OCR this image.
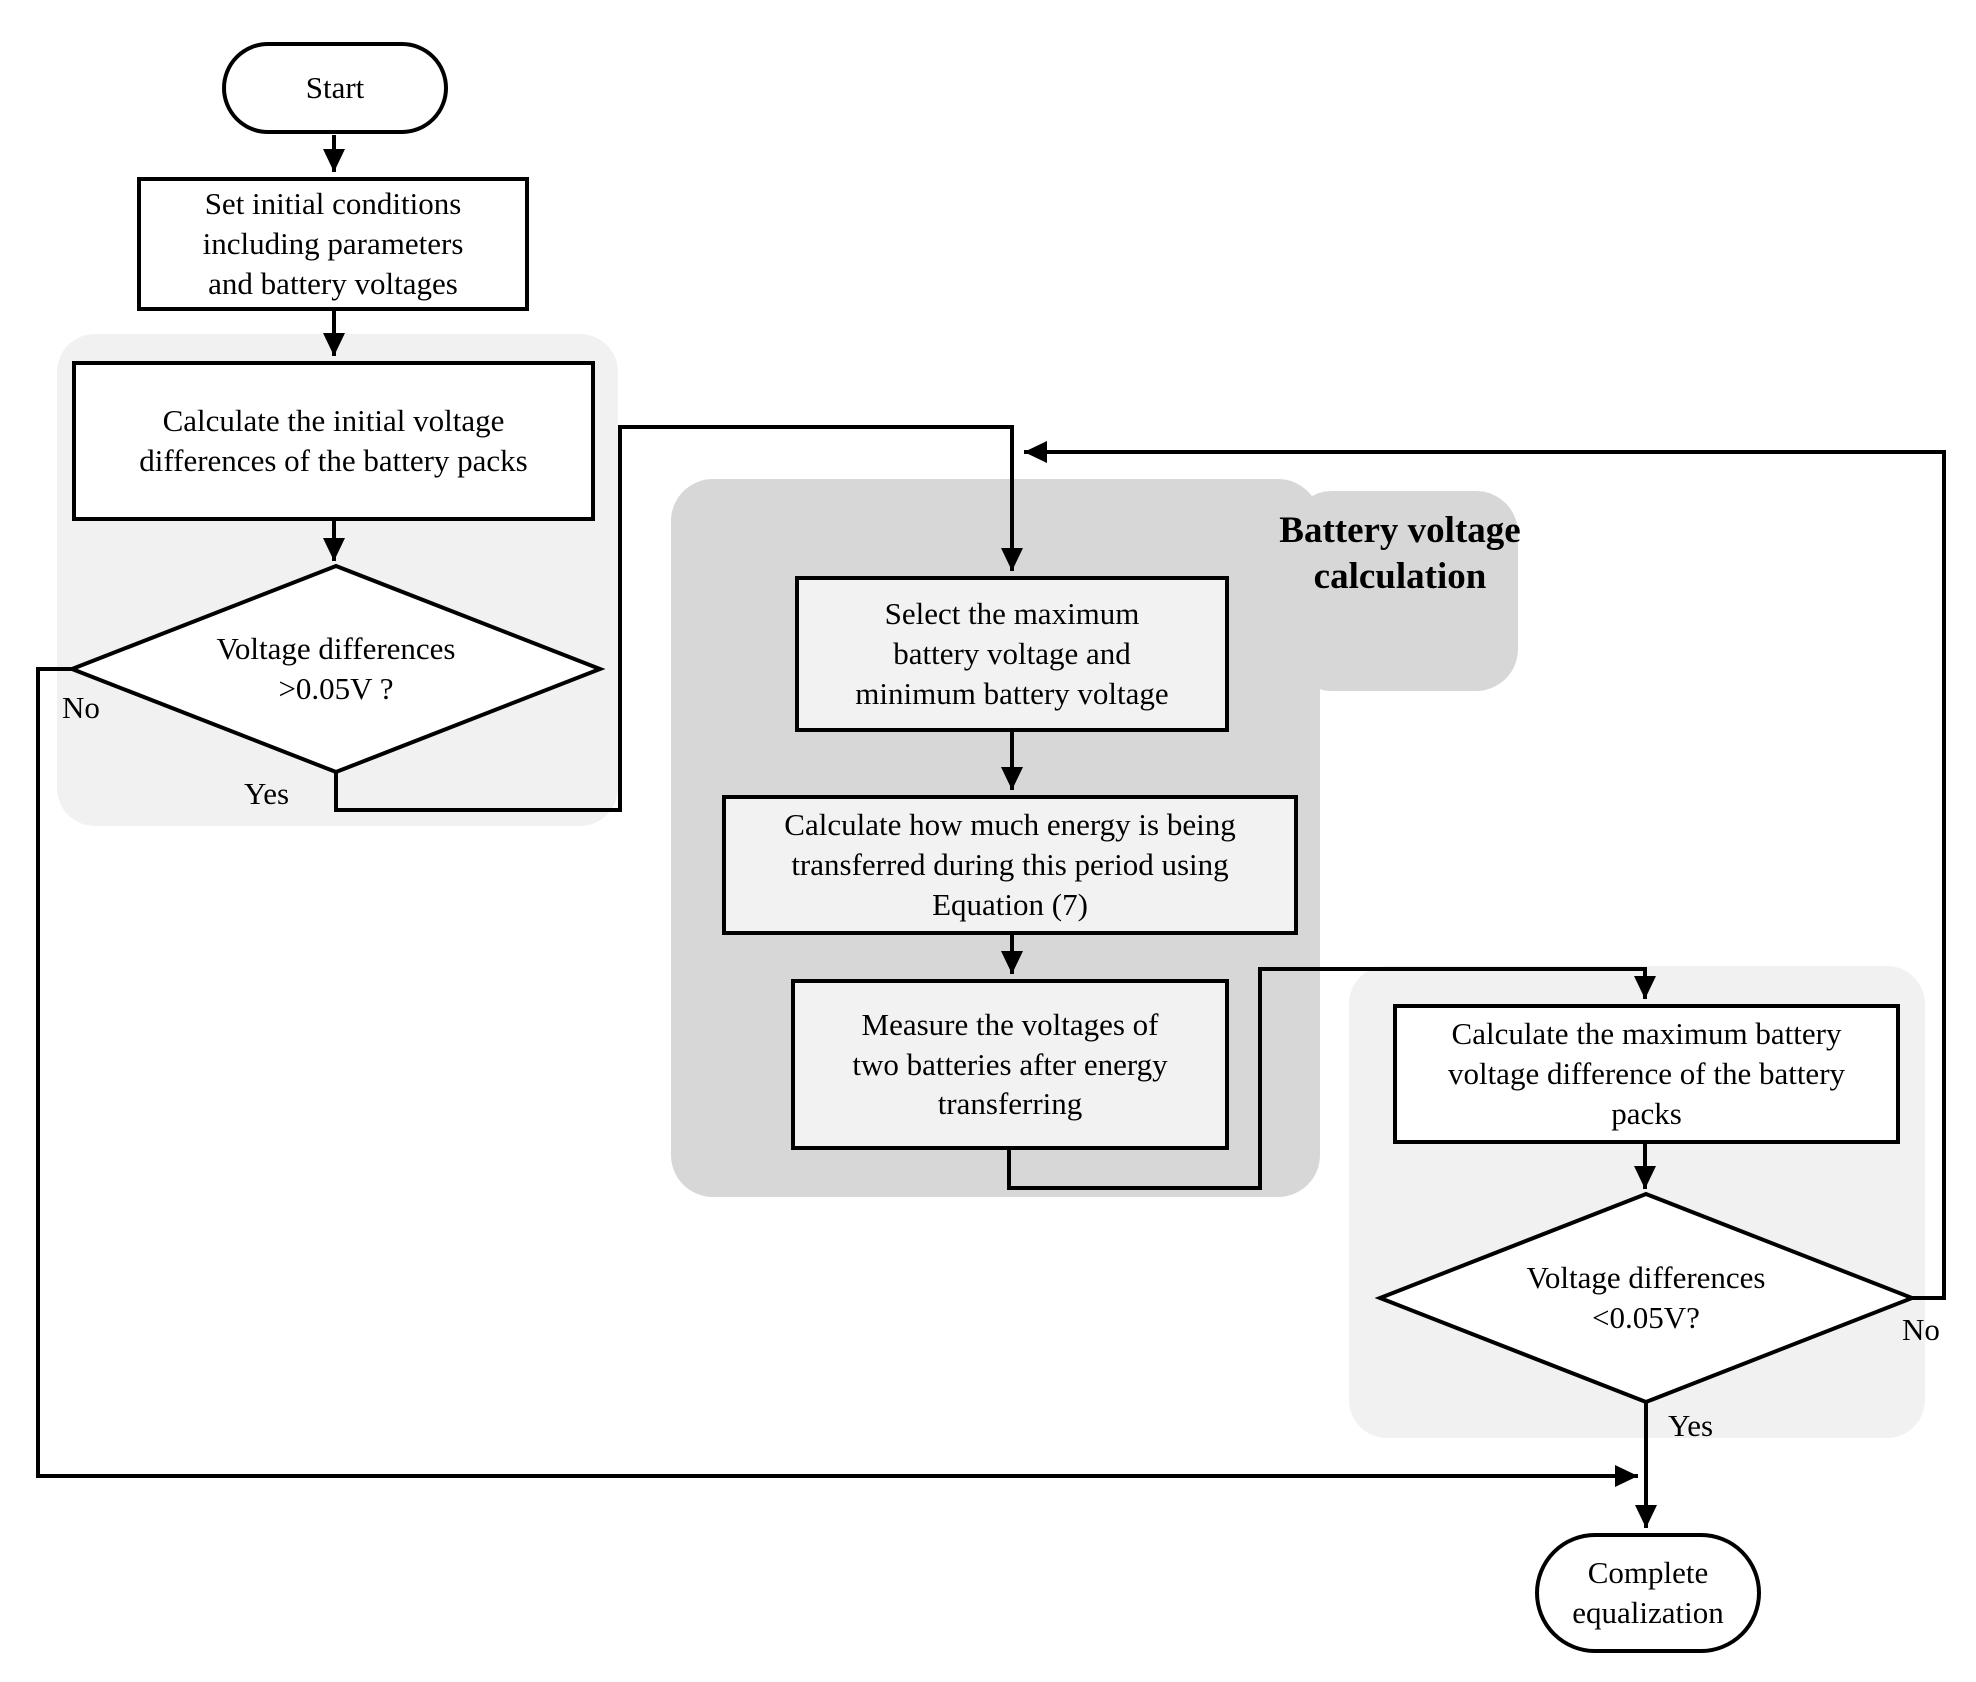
Start
Set initial conditions including parameters and battery voltages
Calculate the initial voltage differences of the battery packs
Voltage differences >0.05V ?
Select the maximum battery voltage and minimum battery voltage
Calculate how much energy is being transferred during this period using Equation (7)
Measure the voltages of two batteries after energy transferring
Calculate the maximum battery voltage difference of the battery packs
Voltage differences <0.05V?
Complete equalization
Battery voltage calculation
No
Yes
No
Yes
